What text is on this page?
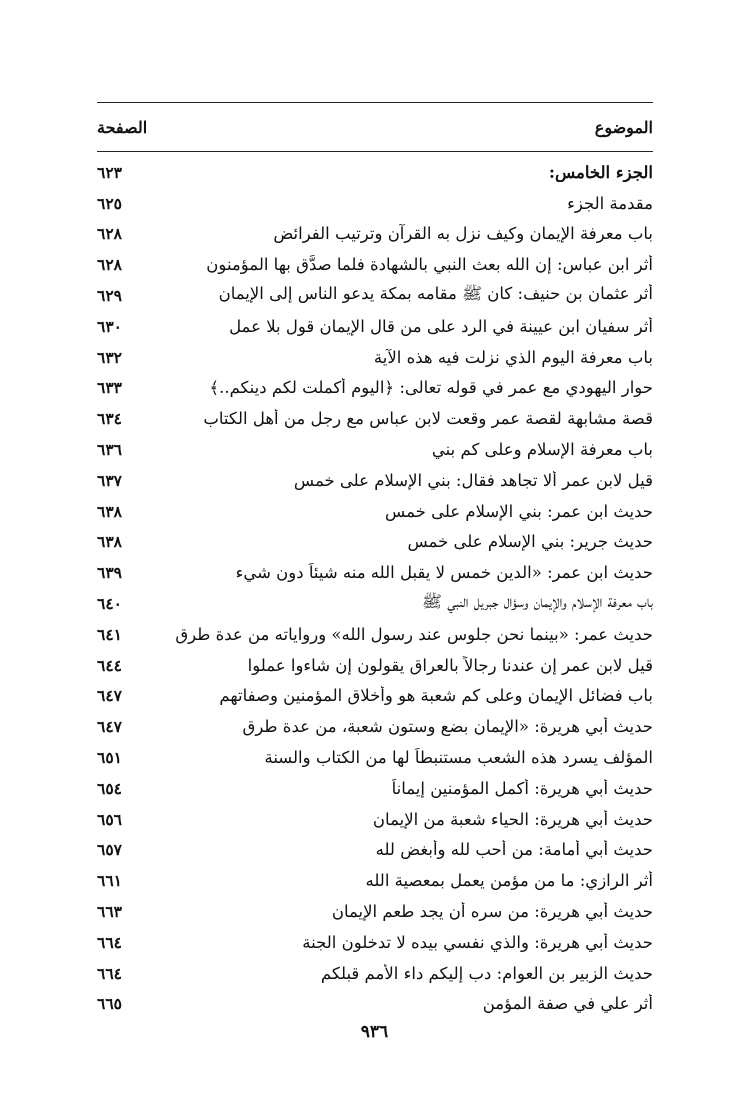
الموضوع
الصفحة
الجزء الخامس:
٦٢٣
مقدمة الجزء
٦٢٥
باب معرفة الإيمان وكيف نزل به القرآن وترتيب الفرائض
٦٢٨
أثر ابن عباس: إن الله بعث النبي بالشهادة فلما صدَّق بها المؤمنون
٦٢٨
أثر عثمان بن حنيف: كان ﷺ مقامه بمكة يدعو الناس إلى الإيمان
٦٢٩
أثر سفيان ابن عيينة في الرد على من قال الإيمان قول بلا عمل
٦٣٠
باب معرفة اليوم الذي نزلت فيه هذه الآية
٦٣٢
حوار اليهودي مع عمر في قوله تعالى: ﴿اليوم أكملت لكم دينكم..﴾
٦٣٣
قصة مشابهة لقصة عمر وقعت لابن عباس مع رجل من أهل الكتاب
٦٣٤
باب معرفة الإسلام وعلى كم بني
٦٣٦
قيل لابن عمر ألا تجاهد فقال: بني الإسلام على خمس
٦٣٧
حديث ابن عمر: بني الإسلام على خمس
٦٣٨
حديث جرير: بني الإسلام على خمس
٦٣٨
حديث ابن عمر: «الدين خمس لا يقبل الله منه شيئاً دون شيء
٦٣٩
باب معرفة الإسلام والإيمان وسؤال جبريل النبي ﷺ
٦٤٠
حديث عمر: «بينما نحن جلوس عند رسول الله» ورواياته من عدة طرق
٦٤١
قيل لابن عمر إن عندنا رجالاً بالعراق يقولون إن شاءوا عملوا
٦٤٤
باب فضائل الإيمان وعلى كم شعبة هو وأخلاق المؤمنين وصفاتهم
٦٤٧
حديث أبي هريرة: «الإيمان بضع وستون شعبة، من عدة طرق
٦٤٧
المؤلف يسرد هذه الشعب مستنبطاً لها من الكتاب والسنة
٦٥١
حديث أبي هريرة: أكمل المؤمنين إيماناً
٦٥٤
حديث أبي هريرة: الحياء شعبة من الإيمان
٦٥٦
حديث أبي أمامة: من أحب لله وأبغض لله
٦٥٧
أثر الرازي: ما من مؤمن يعمل بمعصية الله
٦٦١
حديث أبي هريرة: من سره أن يجد طعم الإيمان
٦٦٣
حديث أبي هريرة: والذي نفسي بيده لا تدخلون الجنة
٦٦٤
حديث الزبير بن العوام: دب إليكم داء الأمم قبلكم
٦٦٤
أثر علي في صفة المؤمن
٦٦٥
٩٣٦
